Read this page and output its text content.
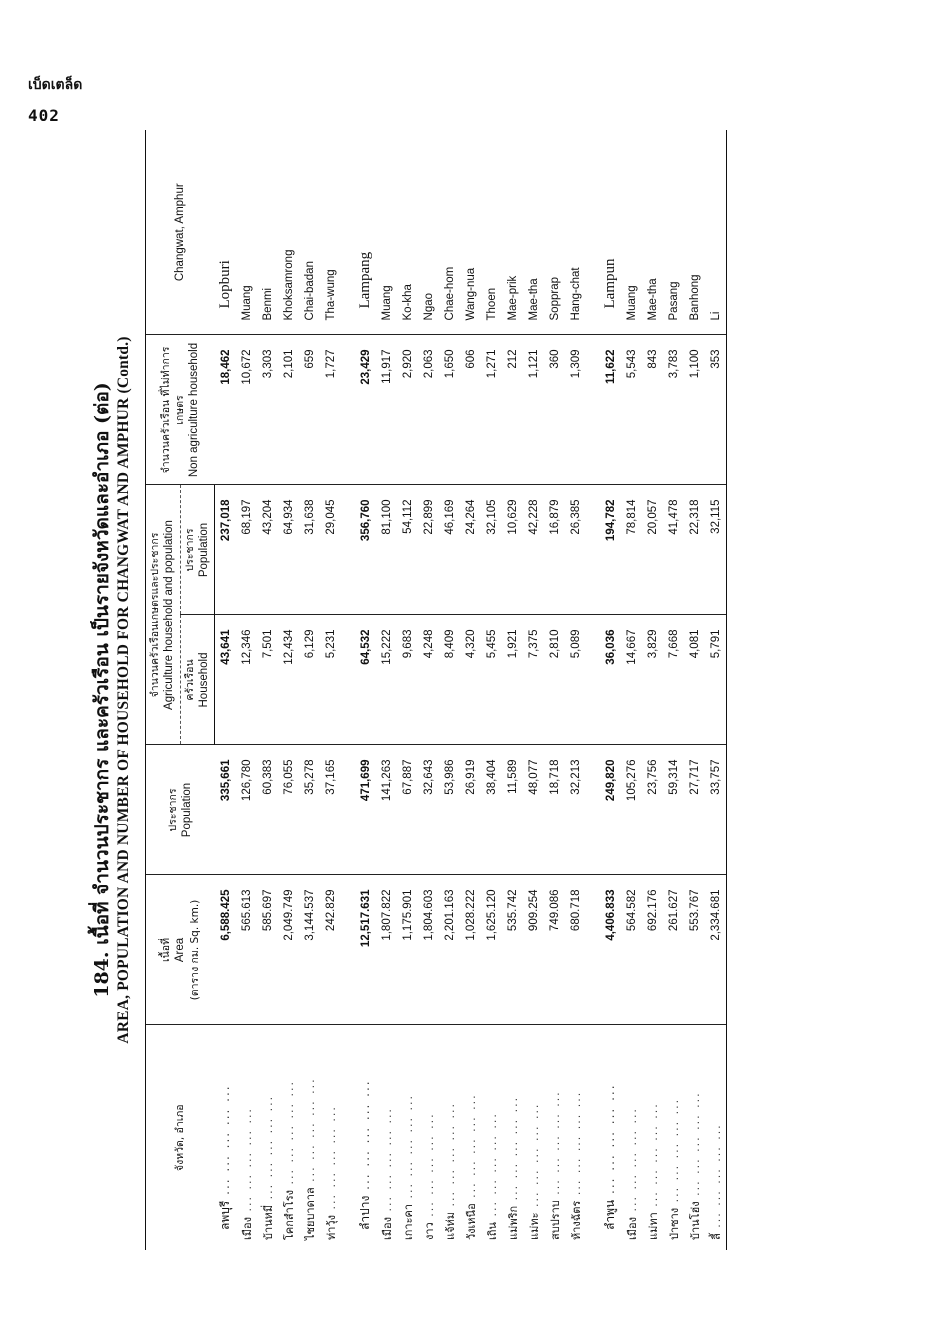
เบ็ดเตล็ด
402
184. เนื้อที่ จำนวนประชากร และครัวเรือน เป็นรายจังหวัดและอำเภอ (ต่อ) AREA, POPULATION AND NUMBER OF HOUSEHOLD FOR CHANGWAT AND AMPHUR (Contd.)
จังหวัด, อำเภอ	เนื้อที่ Area (ตาราง กม. Sq. km.)	ประชากร Population	จำนวนครัวเรือนเกษตรและประชากร Agriculture household and population		จำนวนครัวเรือน ที่ไม่ทำการเกษตร Non agriculture household	Changwat, Amphur

			ครัวเรือน Household	ประชากร Population		

ลพบุรี ... ... ... ... ...	6,588.425	335,661	43,641	237,018	18,462	Lopburi
เมือง ... ... ... ... ...	565.613	126,780	12,346	68,197	10,672	Muang
บ้านหมี่ ... ... ... ... ...	585.697	60,383	7,501	43,204	3,303	Benmi
โคกสำโรง ... ... ... ... ...	2,049.749	76,055	12,434	64,934	2,101	Khoksamrong
ไชยบาดาล ... ... ... ... ...	3,144.537	35,278	6,129	31,638	659	Chai-badan
ท่าวุ้ง ... ... ... ... ...	242.829	37,165	5,231	29,045	1,727	Tha-wung

ลำปาง ... ... ... ... ...	12,517.631	471,699	64,532	356,760	23,429	Lampang
เมือง ... ... ... ... ...	1,807.822	141,263	15,222	81,100	11,917	Muang
เกาะคา ... ... ... ... ...	1,175.901	67,887	9,683	54,112	2,920	Ko-kha
งาว ... ... ... ... ...	1,804.603	32,643	4,248	22,899	2,063	Ngao
แจ้ห่ม ... ... ... ... ...	2,201.163	53,986	8,409	46,169	1,650	Chae-hom
วังเหนือ ... ... ... ... ...	1,028.222	26,919	4,320	24,264	606	Wang-nua
เถิน ... ... ... ... ...	1,625.120	38,404	5,455	32,105	1,271	Thoen
แม่พริก ... ... ... ... ...	535.742	11,589	1,921	10,629	212	Mae-prik
แม่ทะ ... ... ... ... ...	909.254	48,077	7,375	42,228	1,121	Mae-tha
สบปราบ ... ... ... ... ...	749.086	18,718	2,810	16,879	360	Sopprap
ห้างฉัตร ... ... ... ... ...	680.718	32,213	5,089	26,385	1,309	Hang-chat

ลำพูน ... ... ... ... ...	4,406.833	249,820	36,036	194,782	11,622	Lampun
เมือง ... ... ... ... ...	564.582	105,276	14,667	78,814	5,543	Muang
แม่ทา ... ... ... ... ...	692.176	23,756	3,829	20,057	843	Mae-tha
ป่าซาง ... ... ... ... ...	261.627	59,314	7,668	41,478	3,783	Pasang
บ้านโฮ่ง ... ... ... ... ...	553.767	27,717	4,081	22,318	1,100	Banhong
ลี้ ... ... ... ... ...	2,334.681	33,757	5,791	32,115	353	Li
